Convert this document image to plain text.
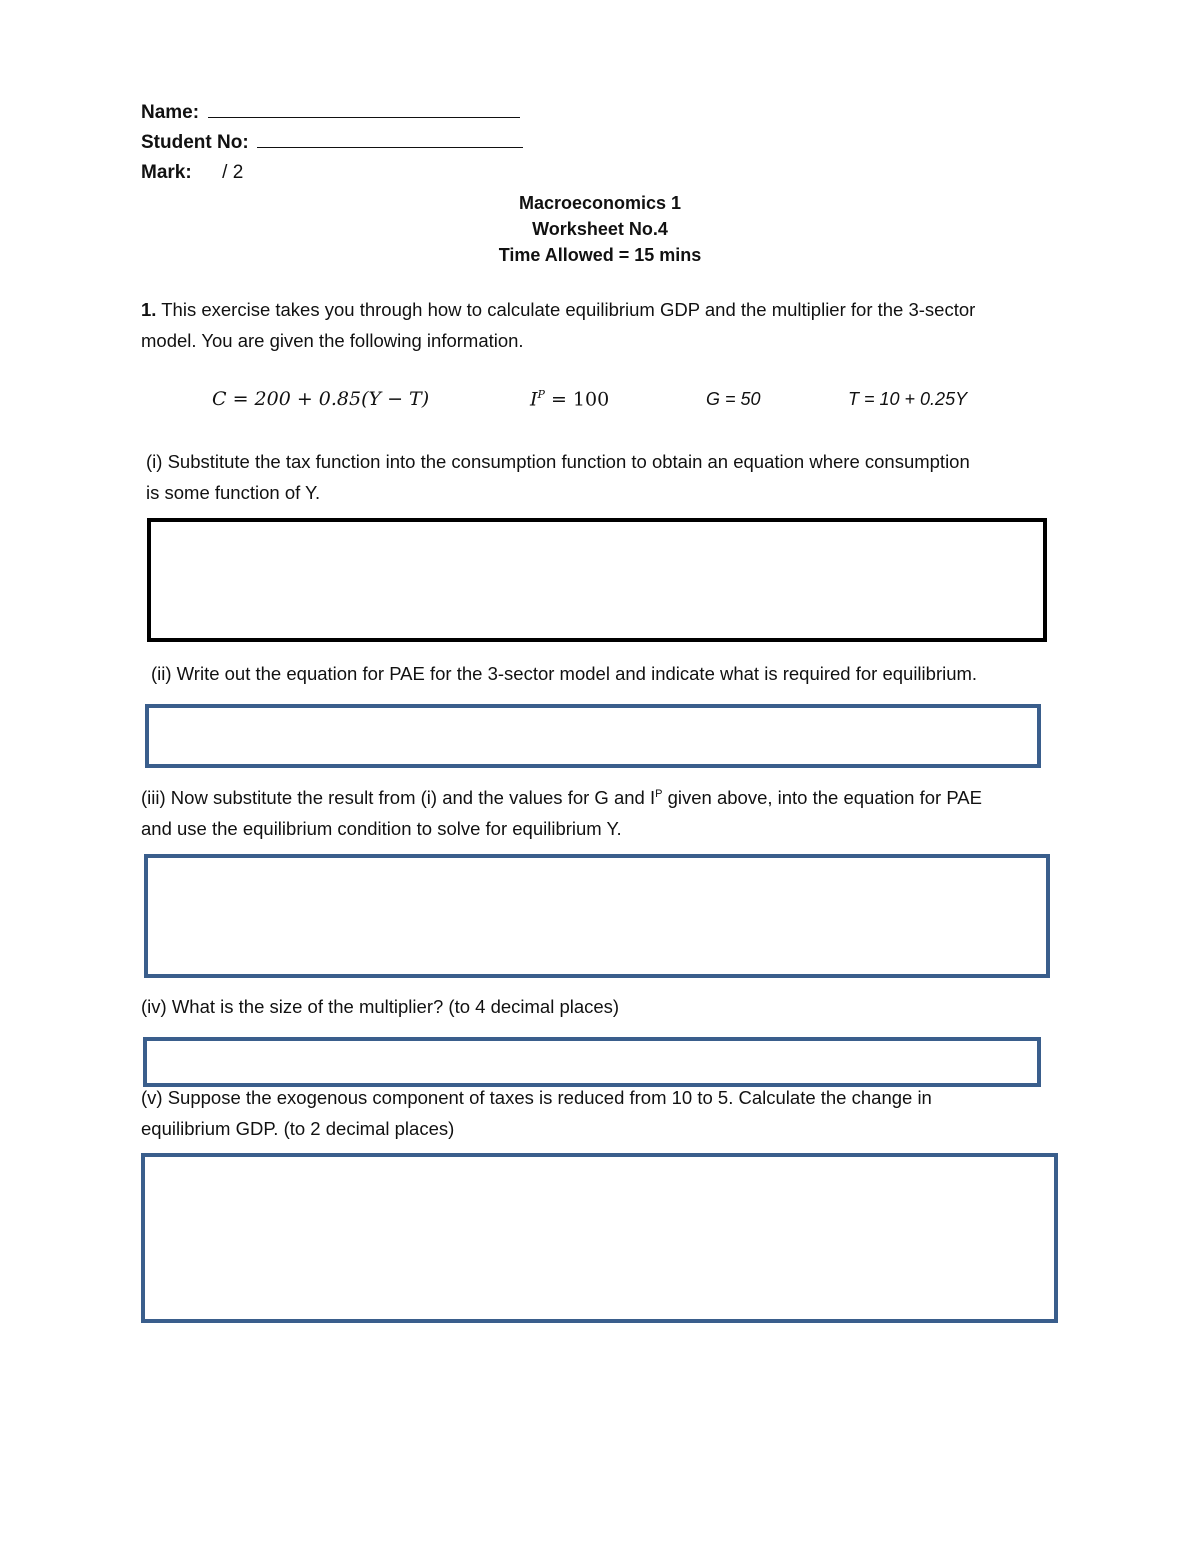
Name:
Student No:
Mark: / 2
Macroeconomics 1
Worksheet No.4
Time Allowed = 15 mins
1. This exercise takes you through how to calculate equilibrium GDP and the multiplier for the 3-sector
model. You are given the following information.
C = 200 + 0.85(Y − T)	$I^P = 100$	G = 50	T = 10 + 0.25Y
(i) Substitute the tax function into the consumption function to obtain an equation where consumption
is some function of Y.
(ii) Write out the equation for PAE for the 3-sector model and indicate what is required for equilibrium.
(iii) Now substitute the result from (i) and the values for G and $I^P$ given above, into the equation for PAE
and use the equilibrium condition to solve for equilibrium Y.
(iv) What is the size of the multiplier? (to 4 decimal places)
(v) Suppose the exogenous component of taxes is reduced from 10 to 5. Calculate the change in
equilibrium GDP. (to 2 decimal places)
